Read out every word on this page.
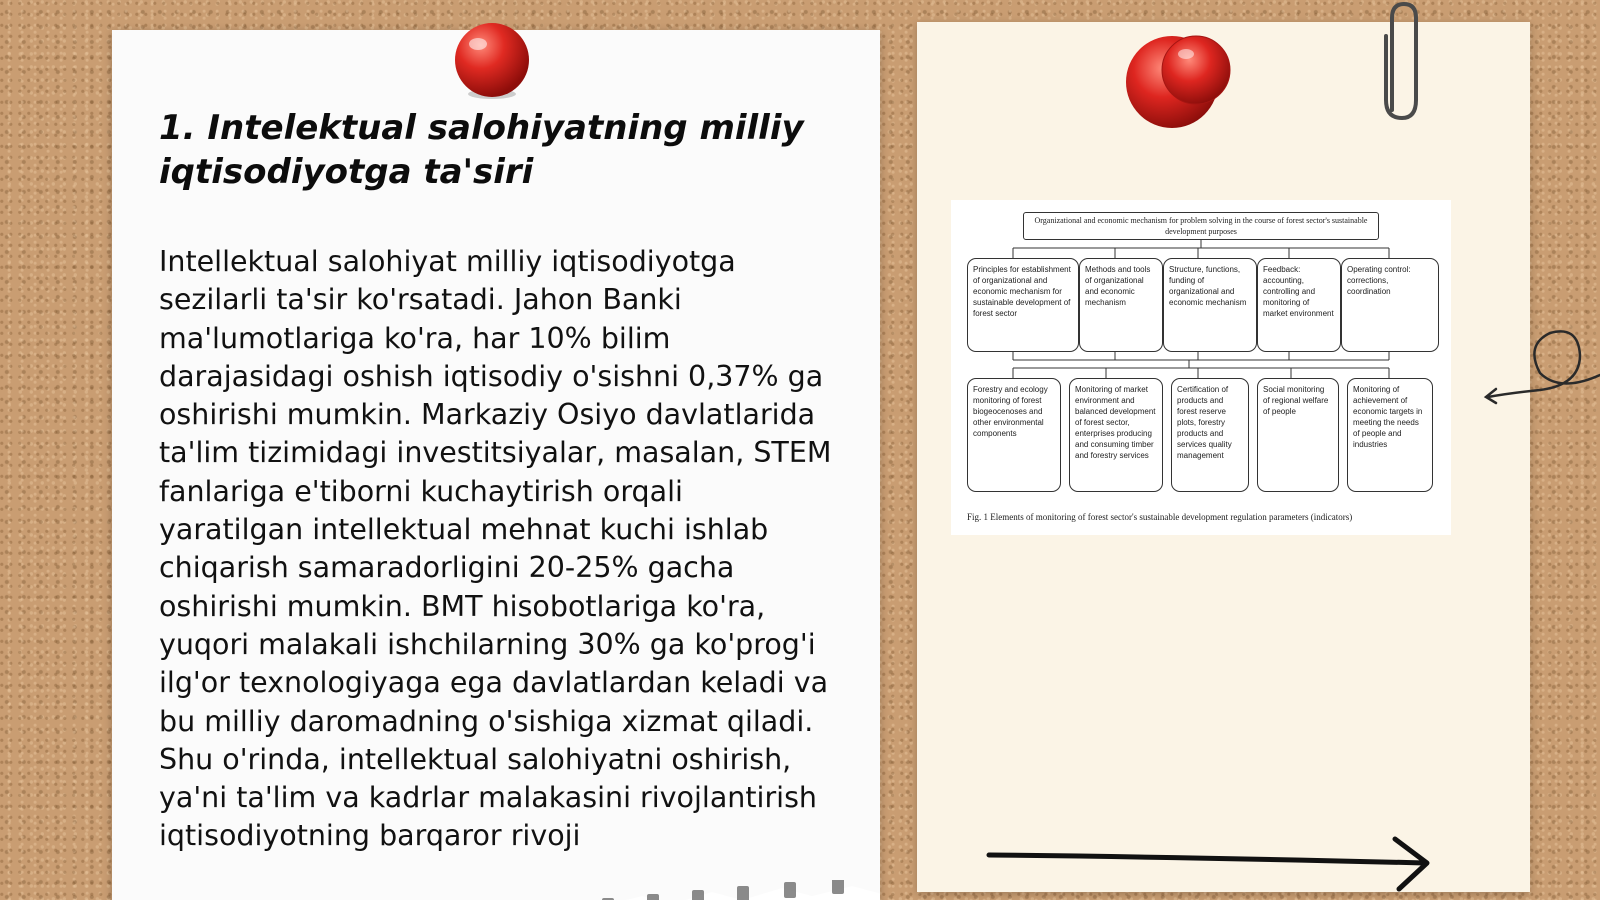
1. Intelektual salohiyatning milliy iqtisodiyotga ta'siri

Intellektual salohiyat milliy iqtisodiyotga sezilarli ta'sir ko'rsatadi. Jahon Banki ma'lumotlariga ko'ra, har 10% bilim darajasidagi oshish iqtisodiy o'sishni 0,37% ga oshirishi mumkin. Markaziy Osiyo davlatlarida ta'lim tizimidagi investitsiyalar, masalan, STEM fanlariga e'tiborni kuchaytirish orqali yaratilgan intellektual mehnat kuchi ishlab chiqarish samaradorligini 20-25% gacha oshirishi mumkin. BMT hisobotlariga ko'ra, yuqori malakali ishchilarning 30% ga ko'prog'i ilg'or texnologiyaga ega davlatlardan keladi va bu milliy daromadning o'sishiga xizmat qiladi. Shu o'rinda, intellektual salohiyatni oshirish, ya'ni ta'lim va kadrlar malakasini rivojlantirish iqtisodiyotning barqaror rivoji

Organizational and economic mechanism for problem solving in the course of forest sector's sustainable development purposes
Principles for establishment of organizational and economic mechanism for sustainable development of forest sector
Methods and tools of organizational and economic mechanism
Structure, functions, funding of organizational and economic mechanism
Feedback: accounting, controlling and monitoring of market environment
Operating control: corrections, coordination
Forestry and ecology monitoring of forest biogeocenoses and other environmental components
Monitoring of market environment and balanced development of forest sector, enterprises producing and consuming timber and forestry services
Certification of products and forest reserve plots, forestry products and services quality management
Social monitoring of regional welfare of people
Monitoring of achievement of economic targets in meeting the needs of people and industries
Fig. 1 Elements of monitoring of forest sector's sustainable development regulation parameters (indicators)
